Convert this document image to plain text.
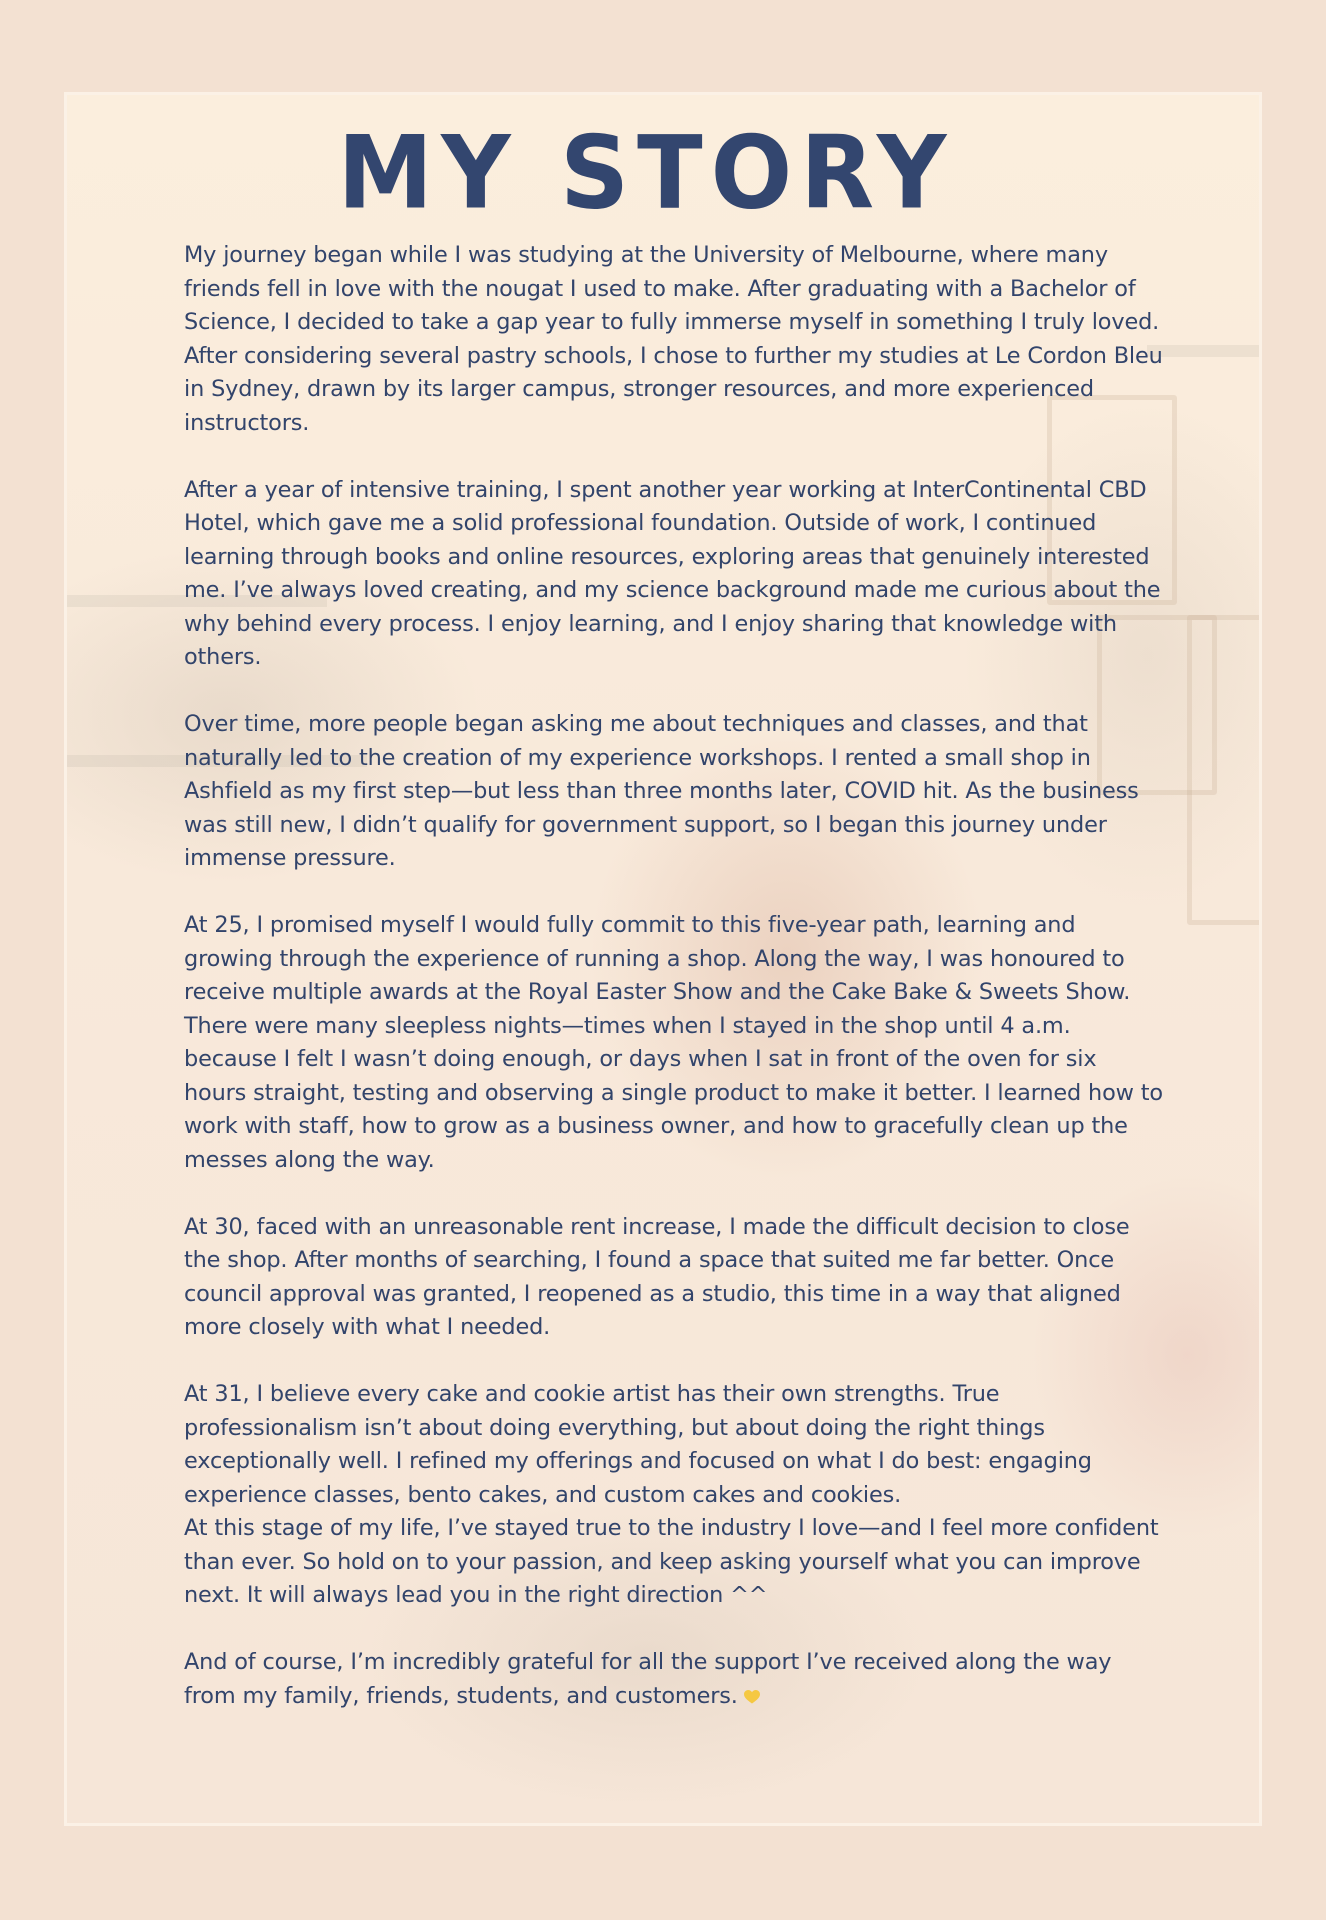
MY STORY

My journey began while I was studying at the University of Melbourne, where many friends fell in love with the nougat I used to make. After graduating with a Bachelor of Science, I decided to take a gap year to fully immerse myself in something I truly loved. After considering several pastry schools, I chose to further my studies at Le Cordon Bleu in Sydney, drawn by its larger campus, stronger resources, and more experienced instructors.

After a year of intensive training, I spent another year working at InterContinental CBD Hotel, which gave me a solid professional foundation. Outside of work, I continued learning through books and online resources, exploring areas that genuinely interested me. I’ve always loved creating, and my science background made me curious about the why behind every process. I enjoy learning, and I enjoy sharing that knowledge with others.

Over time, more people began asking me about techniques and classes, and that naturally led to the creation of my experience workshops. I rented a small shop in Ashfield as my first step—but less than three months later, COVID hit. As the business was still new, I didn’t qualify for government support, so I began this journey under immense pressure.

At 25, I promised myself I would fully commit to this five-year path, learning and growing through the experience of running a shop. Along the way, I was honoured to receive multiple awards at the Royal Easter Show and the Cake Bake & Sweets Show. There were many sleepless nights—times when I stayed in the shop until 4 a.m. because I felt I wasn’t doing enough, or days when I sat in front of the oven for six hours straight, testing and observing a single product to make it better. I learned how to work with staff, how to grow as a business owner, and how to gracefully clean up the messes along the way.

At 30, faced with an unreasonable rent increase, I made the difficult decision to close the shop. After months of searching, I found a space that suited me far better. Once council approval was granted, I reopened as a studio, this time in a way that aligned more closely with what I needed.

At 31, I believe every cake and cookie artist has their own strengths. True professionalism isn’t about doing everything, but about doing the right things exceptionally well. I refined my offerings and focused on what I do best: engaging experience classes, bento cakes, and custom cakes and cookies.

At this stage of my life, I’ve stayed true to the industry I love—and I feel more confident than ever. So hold on to your passion, and keep asking yourself what you can improve next. It will always lead you in the right direction ^^

And of course, I’m incredibly grateful for all the support I’ve received along the way from my family, friends, students, and customers.
